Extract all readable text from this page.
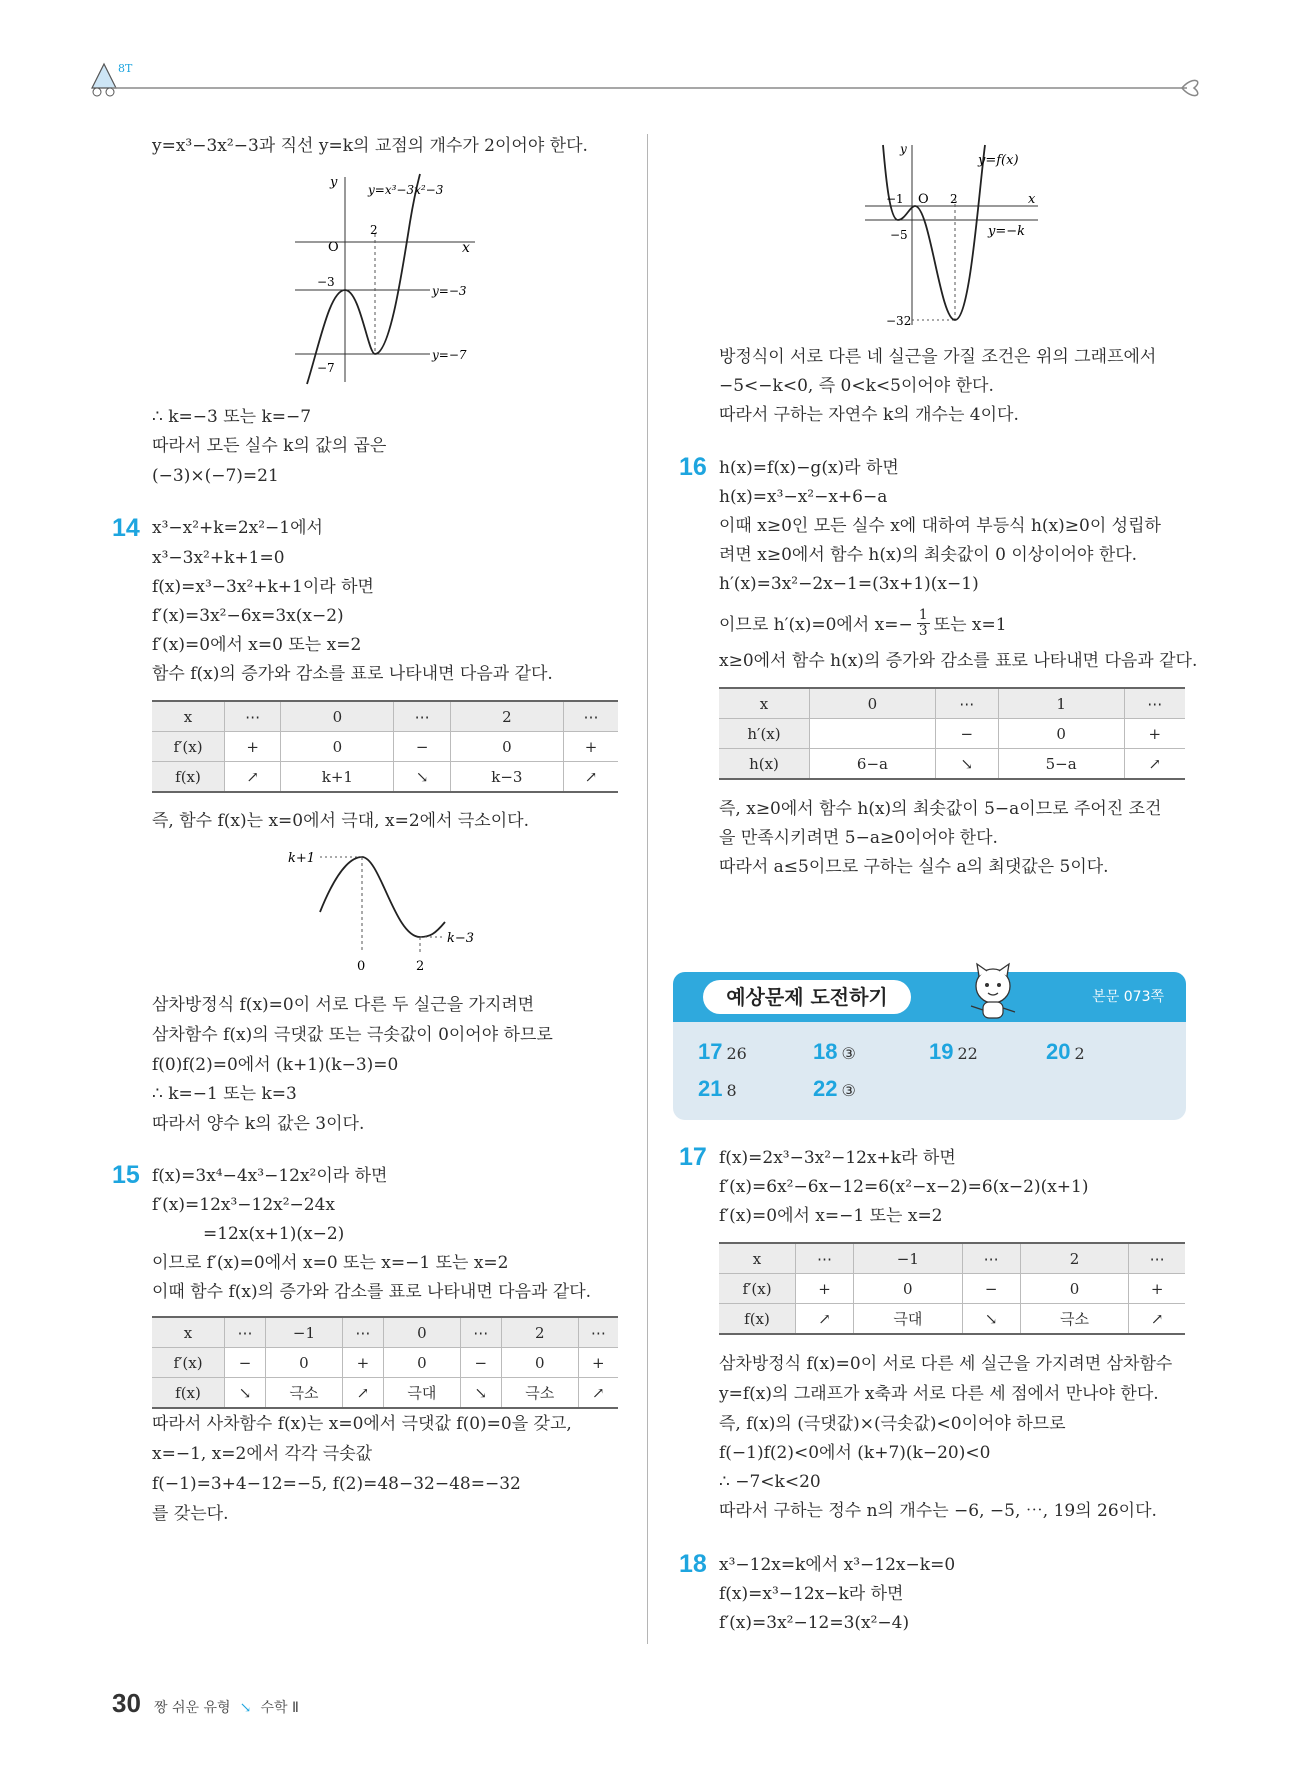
8T
y=x³−3x²−3과 직선 y=k의 교점의 개수가 2이어야 한다.
y
O	x
2
−3
−7
y=x³−3x²−3
y=−3
y=−7
∴ k=−3 또는 k=−7
따라서 모든 실수 k의 값의 곱은
(−3)×(−7)=21
14 x³−x²+k=2x²−1에서
x³−3x²+k+1=0
f(x)=x³−3x²+k+1이라 하면
f′(x)=3x²−6x=3x(x−2)
f′(x)=0에서 x=0 또는 x=2
함수 f(x)의 증가와 감소를 표로 나타내면 다음과 같다.
x	⋯	0	⋯	2	⋯
f′(x)	+	0	−	0	+
f(x)	↗	k+1	↘	k−3	↗
즉, 함수 f(x)는 x=0에서 극대, x=2에서 극소이다.
k+1
k−3
0	2
삼차방정식 f(x)=0이 서로 다른 두 실근을 가지려면
삼차함수 f(x)의 극댓값 또는 극솟값이 0이어야 하므로
f(0)f(2)=0에서 (k+1)(k−3)=0
∴ k=−1 또는 k=3
따라서 양수 k의 값은 3이다.
15 f(x)=3x⁴−4x³−12x²이라 하면
f′(x)=12x³−12x²−24x
=12x(x+1)(x−2)
이므로 f′(x)=0에서 x=0 또는 x=−1 또는 x=2
이때 함수 f(x)의 증가와 감소를 표로 나타내면 다음과 같다.
x	⋯	−1	⋯	0	⋯	2	⋯
f′(x)	−	0	+	0	−	0	+
f(x)	↘	극소	↗	극대	↘	극소	↗
따라서 사차함수 f(x)는 x=0에서 극댓값 f(0)=0을 갖고,
x=−1, x=2에서 각각 극솟값
f(−1)=3+4−12=−5, f(2)=48−32−48=−32
를 갖는다.
y
y=f(x)
−1 O 2	x
−5	y=−k
−32
방정식이 서로 다른 네 실근을 가질 조건은 위의 그래프에서
−5<−k<0, 즉 0<k<5이어야 한다.
따라서 구하는 자연수 k의 개수는 4이다.
16 h(x)=f(x)−g(x)라 하면
h(x)=x³−x²−x+6−a
이때 x≥0인 모든 실수 x에 대하여 부등식 h(x)≥0이 성립하
려면 x≥0에서 함수 h(x)의 최솟값이 0 이상이어야 한다.
h′(x)=3x²−2x−1=(3x+1)(x−1)
이므로 h′(x)=0에서 $x=- \frac{1}{3}$ 또는 x=1
x≥0에서 함수 h(x)의 증가와 감소를 표로 나타내면 다음과 같다.
x	0	⋯	1	⋯
h′(x)		−	0	+
h(x)	6−a	↘	5−a	↗
즉, x≥0에서 함수 h(x)의 최솟값이 5−a이므로 주어진 조건
을 만족시키려면 5−a≥0이어야 한다.
따라서 a≤5이므로 구하는 실수 a의 최댓값은 5이다.
예상문제 도전하기	본문 073쪽
17 26	18 ③	19 22	20 2
21 8	22 ③
17 f(x)=2x³−3x²−12x+k라 하면
f′(x)=6x²−6x−12=6(x²−x−2)=6(x−2)(x+1)
f′(x)=0에서 x=−1 또는 x=2
x	⋯	−1	⋯	2	⋯
f′(x)	+	0	−	0	+
f(x)	↗	극대	↘	극소	↗
삼차방정식 f(x)=0이 서로 다른 세 실근을 가지려면 삼차함수
y=f(x)의 그래프가 x축과 서로 다른 세 점에서 만나야 한다.
즉, f(x)의 (극댓값)×(극솟값)<0이어야 하므로
f(−1)f(2)<0에서 (k+7)(k−20)<0
∴ −7<k<20
따라서 구하는 정수 n의 개수는 −6, −5, ⋯, 19의 26이다.
18 x³−12x=k에서 x³−12x−k=0
f(x)=x³−12x−k라 하면
f′(x)=3x²−12=3(x²−4)
30 짱 쉬운 유형 ↘ 수학 Ⅱ
